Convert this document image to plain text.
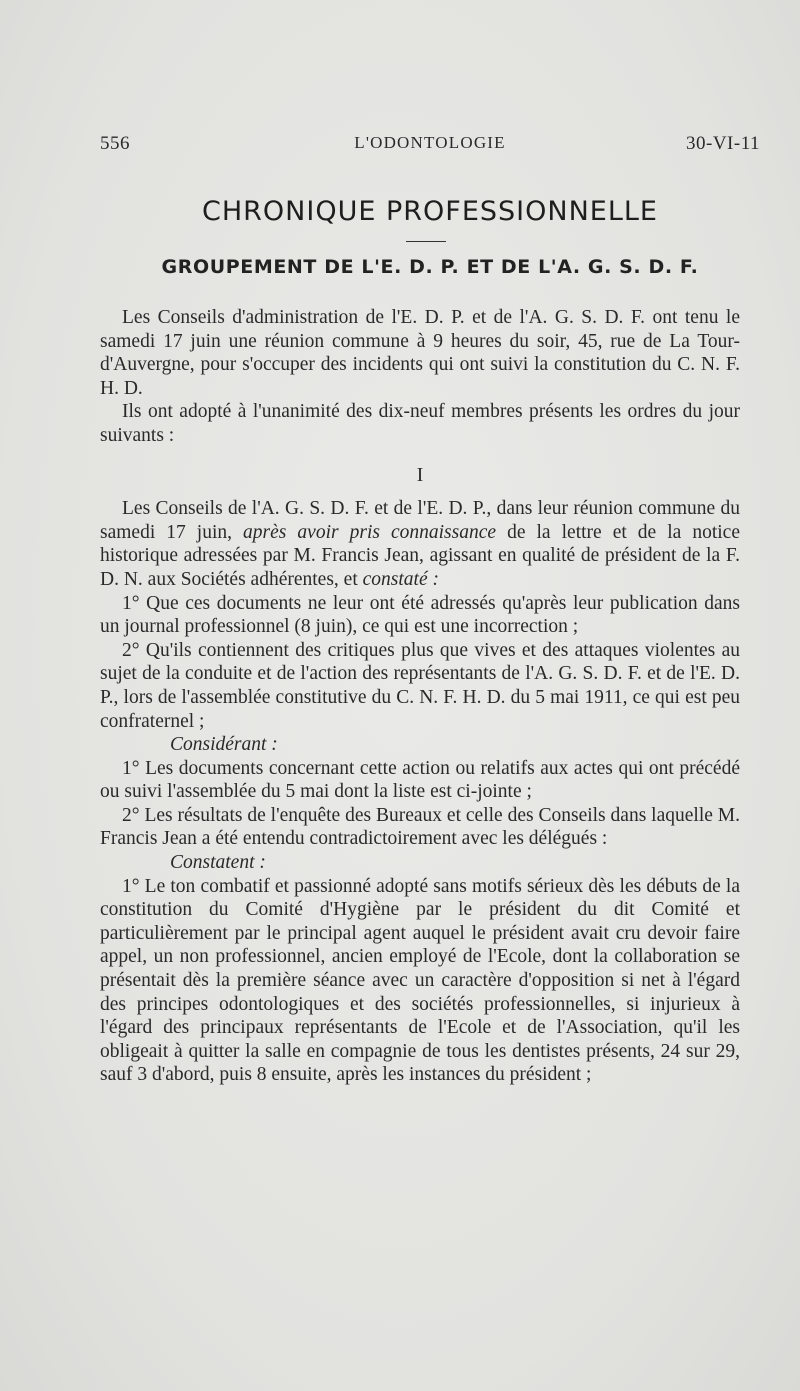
556	L'ODONTOLOGIE	30-VI-11
CHRONIQUE PROFESSIONNELLE
GROUPEMENT DE L'E. D. P. ET DE L'A. G. S. D. F.

Les Conseils d'administration de l'E. D. P. et de l'A. G. S. D. F. ont tenu le samedi 17 juin une réunion commune à 9 heures du soir, 45, rue de La Tour-d'Auvergne, pour s'occuper des incidents qui ont suivi la constitution du C. N. F. H. D.

Ils ont adopté à l'unanimité des dix-neuf membres présents les ordres du jour suivants :

I

Les Conseils de l'A. G. S. D. F. et de l'E. D. P., dans leur réunion commune du samedi 17 juin, après avoir pris connaissance de la lettre et de la notice historique adressées par M. Francis Jean, agissant en qualité de président de la F. D. N. aux Sociétés adhérentes, et constaté :

1° Que ces documents ne leur ont été adressés qu'après leur publication dans un journal professionnel (8 juin), ce qui est une incorrection ;

2° Qu'ils contiennent des critiques plus que vives et des attaques violentes au sujet de la conduite et de l'action des représentants de l'A. G. S. D. F. et de l'E. D. P., lors de l'assemblée constitutive du C. N. F. H. D. du 5 mai 1911, ce qui est peu confraternel ;

Considérant :

1° Les documents concernant cette action ou relatifs aux actes qui ont précédé ou suivi l'assemblée du 5 mai dont la liste est ci-jointe ;

2° Les résultats de l'enquête des Bureaux et celle des Conseils dans laquelle M. Francis Jean a été entendu contradictoirement avec les délégués :

Constatent :

1° Le ton combatif et passionné adopté sans motifs sérieux dès les débuts de la constitution du Comité d'Hygiène par le président du dit Comité et particulièrement par le principal agent auquel le président avait cru devoir faire appel, un non professionnel, ancien employé de l'Ecole, dont la collaboration se présentait dès la première séance avec un caractère d'opposition si net à l'égard des principes odontologiques et des sociétés professionnelles, si injurieux à l'égard des principaux représentants de l'Ecole et de l'Association, qu'il les obligeait à quitter la salle en compagnie de tous les dentistes présents, 24 sur 29, sauf 3 d'abord, puis 8 ensuite, après les instances du président ;
